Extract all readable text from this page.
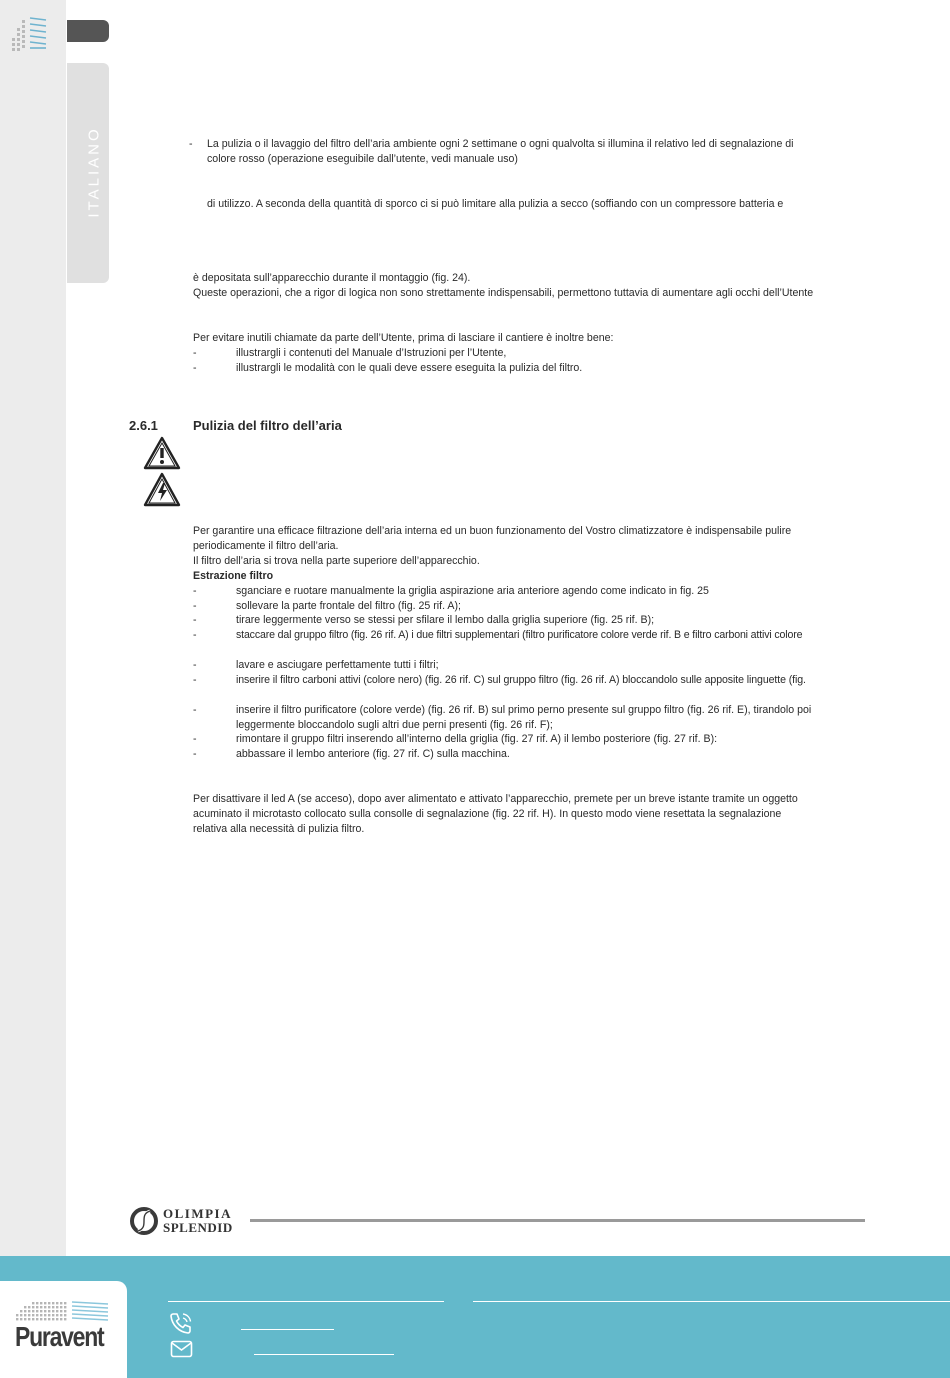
ITALIANO	- La pulizia o il lavaggio del filtro dell’aria ambiente ogni 2 settimane o ogni qualvolta si illumina il relativo led di segnalazione di
colore rosso (operazione eseguibile dall’utente, vedi manuale uso)
di utilizzo. A seconda della quantità di sporco ci si può limitare alla pulizia a secco (soffiando con un compressore batteria e
è depositata sull’apparecchio durante il montaggio (fig. 24).
Queste operazioni, che a rigor di logica non sono strettamente indispensabili, permettono tuttavia di aumentare agli occhi dell’Utente
Per evitare inutili chiamate da parte dell’Utente, prima di lasciare il cantiere è inoltre bene:
-	illustrargli i contenuti del Manuale d’Istruzioni per l’Utente,
-	illustrargli le modalità con le quali deve essere eseguita la pulizia del filtro.
2.6.1	Pulizia del filtro dell’aria
Per garantire una efficace filtrazione dell’aria interna ed un buon funzionamento del Vostro climatizzatore è indispensabile pulire
periodicamente il filtro dell’aria.
Il filtro dell’aria si trova nella parte superiore dell’apparecchio.
Estrazione filtro
-	sganciare e ruotare manualmente la griglia aspirazione aria anteriore agendo come indicato in fig. 25
-	sollevare la parte frontale del filtro (fig. 25 rif. A);
-	tirare leggermente verso se stessi per sfilare il lembo dalla griglia superiore (fig. 25 rif. B);
-	staccare dal gruppo filtro (fig. 26 rif. A) i due filtri supplementari (filtro purificatore colore verde rif. B e filtro carboni attivi colore
-	lavare e asciugare perfettamente tutti i filtri;
-	inserire il filtro carboni attivi (colore nero) (fig. 26 rif. C) sul gruppo filtro (fig. 26 rif. A) bloccandolo sulle apposite linguette (fig.
-	inserire il filtro purificatore (colore verde) (fig. 26 rif. B) sul primo perno presente sul gruppo filtro (fig. 26 rif. E), tirandolo poi
leggermente bloccandolo sugli altri due perni presenti (fig. 26 rif. F);
-	rimontare il gruppo filtri inserendo all’interno della griglia (fig. 27 rif. A) il lembo posteriore (fig. 27 rif. B):
-	abbassare il lembo anteriore (fig. 27 rif. C) sulla macchina.
Per disattivare il led A (se acceso), dopo aver alimentato e attivato l’apparecchio, premete per un breve istante tramite un oggetto
acuminato il microtasto collocato sulla consolle di segnalazione (fig. 22 rif. H). In questo modo viene resettata la segnalazione
relativa alla necessità di pulizia filtro.
OLIMPIA
SPLENDID
Puravent
